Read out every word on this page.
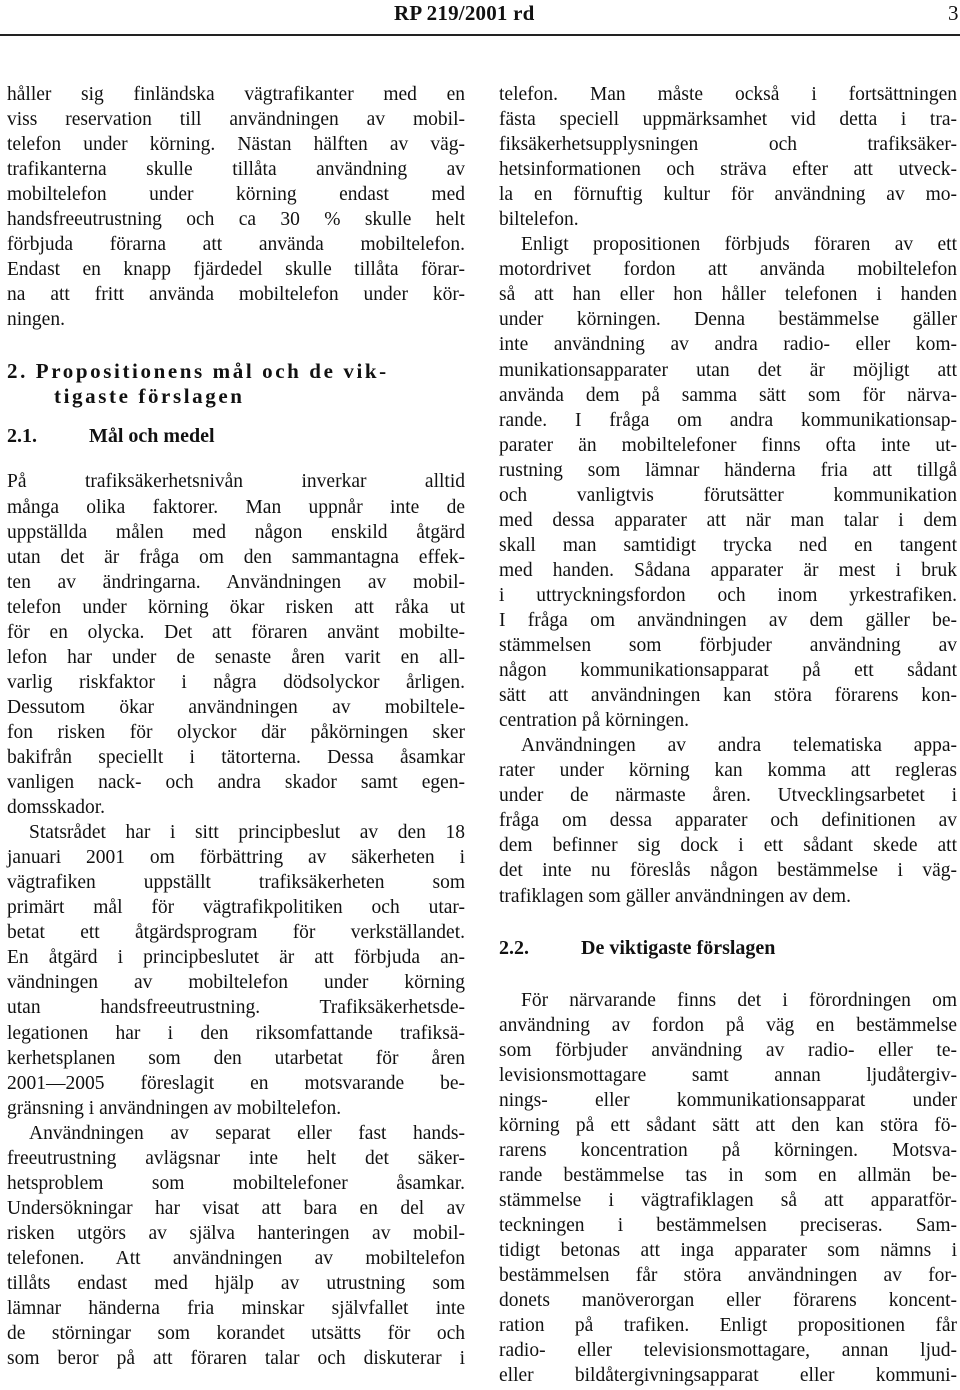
RP 219/2001 rd	3
håller sig finländska vägtrafikanter med en
viss reservation till användningen av mobil-
telefon under körning. Nästan hälften av väg-
trafikanterna skulle tillåta användning av
mobiltelefon under körning endast med
handsfreeutrustning och ca 30 % skulle helt
förbjuda förarna att använda mobiltelefon.
Endast en knapp fjärdedel skulle tillåta förar-
na att fritt använda mobiltelefon under kör-
ningen.
2. Propositionens mål och de vik-
tigaste förslagen
2.1.	Mål och medel
På trafiksäkerhetsnivån inverkar alltid
många olika faktorer. Man uppnår inte de
uppställda målen med någon enskild åtgärd
utan det är fråga om den sammantagna effek-
ten av ändringarna. Användningen av mobil-
telefon under körning ökar risken att råka ut
för en olycka. Det att föraren använt mobilte-
lefon har under de senaste åren varit en all-
varlig riskfaktor i några dödsolyckor årligen.
Dessutom ökar användningen av mobiltele-
fon risken för olyckor där påkörningen sker
bakifrån speciellt i tätorterna. Dessa åsamkar
vanligen nack- och andra skador samt egen-
domsskador.
Statsrådet har i sitt principbeslut av den 18
januari 2001 om förbättring av säkerheten i
vägtrafiken uppställt trafiksäkerheten som
primärt mål för vägtrafikpolitiken och utar-
betat ett åtgärdsprogram för verkställandet.
En åtgärd i principbeslutet är att förbjuda an-
vändningen av mobiltelefon under körning
utan handsfreeutrustning. Trafiksäkerhetsde-
legationen har i den riksomfattande trafiksä-
kerhetsplanen som den utarbetat för åren
2001—2005 föreslagit en motsvarande be-
gränsning i användningen av mobiltelefon.
Användningen av separat eller fast hands-
freeutrustning avlägsnar inte helt det säker-
hetsproblem som mobiltelefoner åsamkar.
Undersökningar har visat att bara en del av
risken utgörs av själva hanteringen av mobil-
telefonen. Att användningen av mobiltelefon
tillåts endast med hjälp av utrustning som
lämnar händerna fria minskar självfallet inte
de störningar som korandet utsätts för och
som beror på att föraren talar och diskuterar i
telefon. Man måste också i fortsättningen
fästa speciell uppmärksamhet vid detta i tra-
fiksäkerhetsupplysningen och trafiksäker-
hetsinformationen och sträva efter att utveck-
la en förnuftig kultur för användning av mo-
biltelefon.
Enligt propositionen förbjuds föraren av ett
motordrivet fordon att använda mobiltelefon
så att han eller hon håller telefonen i handen
under körningen. Denna bestämmelse gäller
inte användning av andra radio- eller kom-
munikationsapparater utan det är möjligt att
använda dem på samma sätt som för närva-
rande. I fråga om andra kommunikationsap-
parater än mobiltelefoner finns ofta inte ut-
rustning som lämnar händerna fria att tillgå
och vanligtvis förutsätter kommunikation
med dessa apparater att när man talar i dem
skall man samtidigt trycka ned en tangent
med handen. Sådana apparater är mest i bruk
i uttryckningsfordon och inom yrkestrafiken.
I fråga om användningen av dem gäller be-
stämmelsen som förbjuder användning av
någon kommunikationsapparat på ett sådant
sätt att användningen kan störa förarens kon-
centration på körningen.
Användningen av andra telematiska appa-
rater under körning kan komma att regleras
under de närmaste åren. Utvecklingsarbetet i
fråga om dessa apparater och definitionen av
dem befinner sig dock i ett sådant skede att
det inte nu föreslås någon bestämmelse i väg-
trafiklagen som gäller användningen av dem.
2.2.	De viktigaste förslagen
För närvarande finns det i förordningen om
användning av fordon på väg en bestämmelse
som förbjuder användning av radio- eller te-
levisionsmottagare samt annan ljudåtergiv-
nings- eller kommunikationsapparat under
körning på ett sådant sätt att den kan störa fö-
rarens koncentration på körningen. Motsva-
rande bestämmelse tas in som en allmän be-
stämmelse i vägtrafiklagen så att apparatför-
teckningen i bestämmelsen preciseras. Sam-
tidigt betonas att inga apparater som nämns i
bestämmelsen får störa användningen av for-
donets manöverorgan eller förarens koncent-
ration på trafiken. Enligt propositionen får
radio- eller televisionsmottagare, annan ljud-
eller bildåtergivningsapparat eller kommuni-
